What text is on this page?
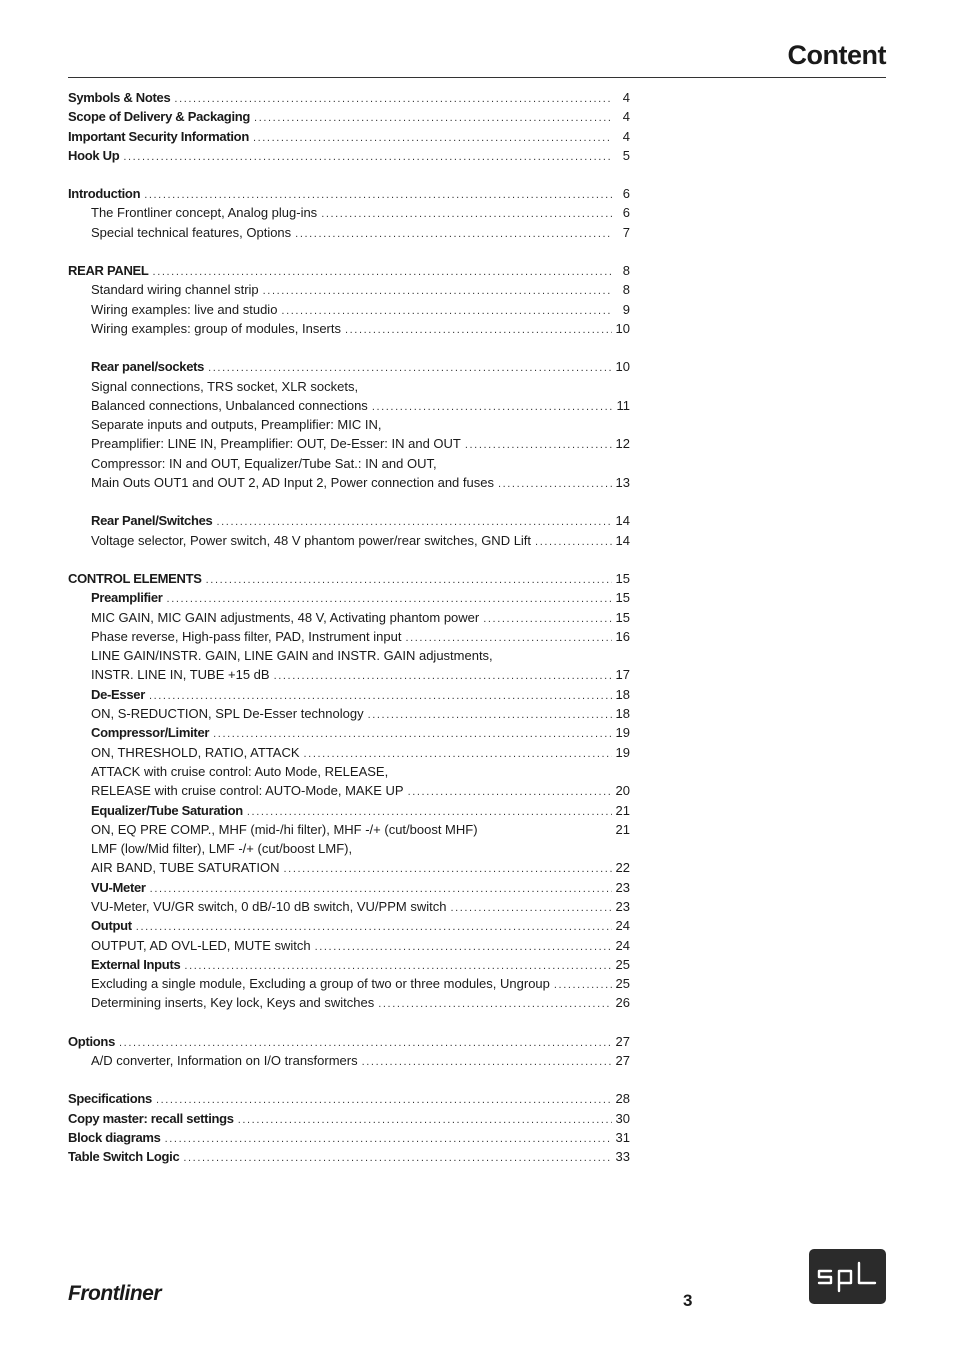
Content
Symbols & Notes .....	4
Scope of Delivery & Packaging .....	4
Important Security Information .....	4
Hook Up .....	5
Introduction .....	6
The Frontliner concept, Analog plug-ins .....	6
Special technical features, Options .....	7
REAR PANEL .....	8
Standard wiring channel strip .....	8
Wiring examples: live and studio .....	9
Wiring examples: group of modules, Inserts .....	10
Rear panel/sockets .....	10
Signal connections, TRS socket, XLR sockets,
Balanced connections, Unbalanced connections .....	11
Separate inputs and outputs, Preamplifier: MIC IN,
Preamplifier: LINE IN, Preamplifier: OUT, De-Esser: IN and OUT .....	12
Compressor: IN and OUT, Equalizer/Tube Sat.: IN and OUT,
Main Outs OUT1 and OUT 2, AD Input 2, Power connection and fuses .....	13
Rear Panel/Switches .....	14
Voltage selector, Power switch, 48 V phantom power/rear switches, GND Lift .....	14
CONTROL ELEMENTS .....	15
Preamplifier .....	15
MIC GAIN, MIC GAIN adjustments, 48 V, Activating phantom power .....	15
Phase reverse, High-pass filter, PAD, Instrument input .....	16
LINE GAIN/INSTR. GAIN, LINE GAIN and INSTR. GAIN adjustments,
INSTR. LINE IN, TUBE +15 dB .....	17
De-Esser .....	18
ON, S-REDUCTION, SPL De-Esser technology .....	18
Compressor/Limiter .....	19
ON, THRESHOLD, RATIO, ATTACK .....	19
ATTACK with cruise control: Auto Mode, RELEASE,
RELEASE with cruise control: AUTO-Mode, MAKE UP .....	20
Equalizer/Tube Saturation .....	21
ON, EQ PRE COMP., MHF (mid-/hi filter), MHF -/+ (cut/boost MHF)	21
LMF (low/Mid filter), LMF -/+ (cut/boost LMF),
AIR BAND, TUBE SATURATION .....	22
VU-Meter .....	23
VU-Meter, VU/GR switch, 0 dB/-10 dB switch, VU/PPM switch .....	23
Output .....	24
OUTPUT, AD OVL-LED, MUTE switch .....	24
External Inputs .....	25
Excluding a single module, Excluding a group of two or three modules, Ungroup .....	25
Determining inserts, Key lock, Keys and switches .....	26
Options .....	27
A/D converter, Information on I/O transformers .....	27
Specifications .....	28
Copy master: recall settings .....	30
Block diagrams .....	31
Table Switch Logic .....	33
Frontliner	3
